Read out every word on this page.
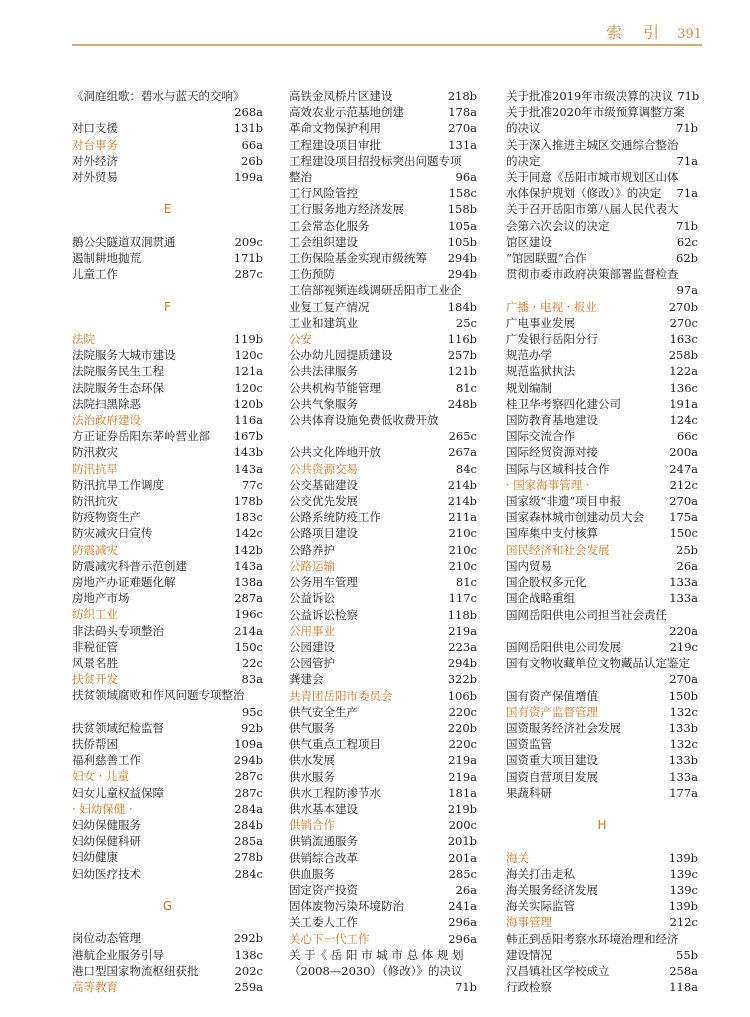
索 引 391
《洞庭组歌：碧水与蓝天的交响》
268a
对口支援	131b
对台事务	66a
对外经济	26b
对外贸易	199a
E
鹅公尖隧道双洞贯通	209c
遏制耕地抛荒	171b
儿童工作	287c
F
法院	119b
法院服务大城市建设	120c
法院服务民生工程	121a
法院服务生态环保	120c
法院扫黑除恶	120b
法治政府建设	116a
方正证券岳阳东茅岭营业部 167b
防汛救灾	143b
防汛抗旱	143a
防汛抗旱工作调度	77c
防汛抗灾	178b
防疫物资生产	183c
防灾减灾日宣传	142c
防震减灾	142b
防震减灾科普示范创建	143a
房地产办证难题化解	138a
房地产市场	287a
纺织工业	196c
非法码头专项整治	214a
非税征管	150c
风景名胜	22c
扶贫开发	83a
扶贫领域腐败和作风问题专项整治
95c
扶贫领域纪检监督	92b
扶侨帮困	109a
福利慈善工作	294b
妇女 · 儿童	287c
妇女儿童权益保障	287c
· 妇幼保健 ·	284a
妇幼保健服务	284b
妇幼保健科研	285a
妇幼健康	278b
妇幼医疗技术	284c
G
岗位动态管理	292b
港航企业服务引导	138c
港口型国家物流枢纽获批	202c
高等教育	259a
高铁金凤桥片区建设	218b
高效农业示范基地创建	178a
革命文物保护利用	270a
工程建设项目审批	131a
工程建设项目招投标突出问题专项
整治	96a
工行风险管控	158c
工行服务地方经济发展	158b
工会常态化服务	105a
工会组织建设	105b
工伤保险基金实现市级统筹 294b
工伤预防	294b
工信部视频连线调研岳阳市工业企
业复工复产情况	184b
工业和建筑业	25c
公安	116b
公办幼儿园提质建设	257b
公共法律服务	121b
公共机构节能管理	81c
公共气象服务	248b
公共体育设施免费低收费开放
265c
公共文化阵地开放	267a
公共资源交易	84c
公交基础建设	214b
公交优先发展	214b
公路系统防疫工作	211a
公路项目建设	210c
公路养护	210c
公路运输	210c
公务用车管理	81c
公益诉讼	117c
公益诉讼检察	118b
公用事业	219a
公园建设	223a
公园管护	294b
龚建会	322b
共青团岳阳市委员会	106b
供气安全生产	220c
供气服务	220b
供气重点工程项目	220c
供水发展	219a
供水服务	219a
供水工程防渗节水	181a
供水基本建设	219b
供销合作	200c
供销流通服务	201b
供销综合改革	201a
供血服务	285c
固定资产投资	26a
固体废物污染环境防治	241a
关工委人工作	296a
关心下一代工作	296a
关 于《 岳 阳 市 城 市 总 体 规 划
（2008—2030）（修改）》的决议
71b
关于批准2019年市级决算的决议 71b
关于批准2020年市级预算调整方案
的决议	71b
关于深入推进主城区交通综合整治
的决定	71a
关于同意《岳阳市城市规划区山体
水体保护规划（修改）》的决定 71a
关于召开岳阳市第八届人民代表大
会第六次会议的决定	71b
馆区建设	62c
“馆园联盟”合作	62b
贯彻市委市政府决策部署监督检查
97a
广播 · 电视 · 报业	270b
广电事业发展	270c
广发银行岳阳分行	163c
规范办学	258b
规范监狱执法	122a
规划编制	136c
桂卫华考察四化建公司	191a
国防教育基地建设	124c
国际交流合作	66c
国际经贸资源对接	200a
国际与区域科技合作	247a
· 国家海事管理 ·	212c
国家级“非遗”项目申报	270a
国家森林城市创建动员大会 175a
国库集中支付核算	150c
国民经济和社会发展	25b
国内贸易	26a
国企股权多元化	133a
国企战略重组	133a
国网岳阳供电公司担当社会责任
220a
国网岳阳供电公司发展	219c
国有文物收藏单位文物藏品认定鉴定
270a
国有资产保值增值	150b
国有资产监督管理	132c
国资服务经济社会发展	133b
国资监管	132c
国资重大项目建设	133b
国资自营项目发展	133a
果蔬科研	177a
H
海关	139b
海关打击走私	139c
海关服务经济发展	139c
海关实际监管	139b
海事管理	212c
韩正到岳阳考察水环境治理和经济
建设情况	55b
汉昌镇社区学校成立	258a
行政检察	118a
